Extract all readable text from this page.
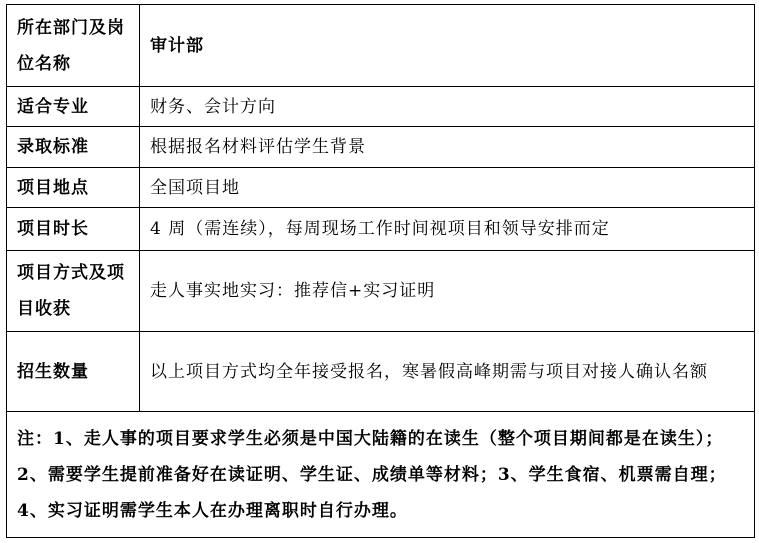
所在部门及岗位名称	审计部
适合专业	财务、会计方向
录取标准	根据报名材料评估学生背景
项目地点	全国项目地
项目时长	4 周（需连续），每周现场工作时间视项目和领导安排而定
项目方式及项目收获	走人事实地实习：推荐信+实习证明
招生数量	以上项目方式均全年接受报名，寒暑假高峰期需与项目对接人确认名额
注：1、走人事的项目要求学生必须是中国大陆籍的在读生（整个项目期间都是在读生）；2、需要学生提前准备好在读证明、学生证、成绩单等材料；3、学生食宿、机票需自理；4、实习证明需学生本人在办理离职时自行办理。	
